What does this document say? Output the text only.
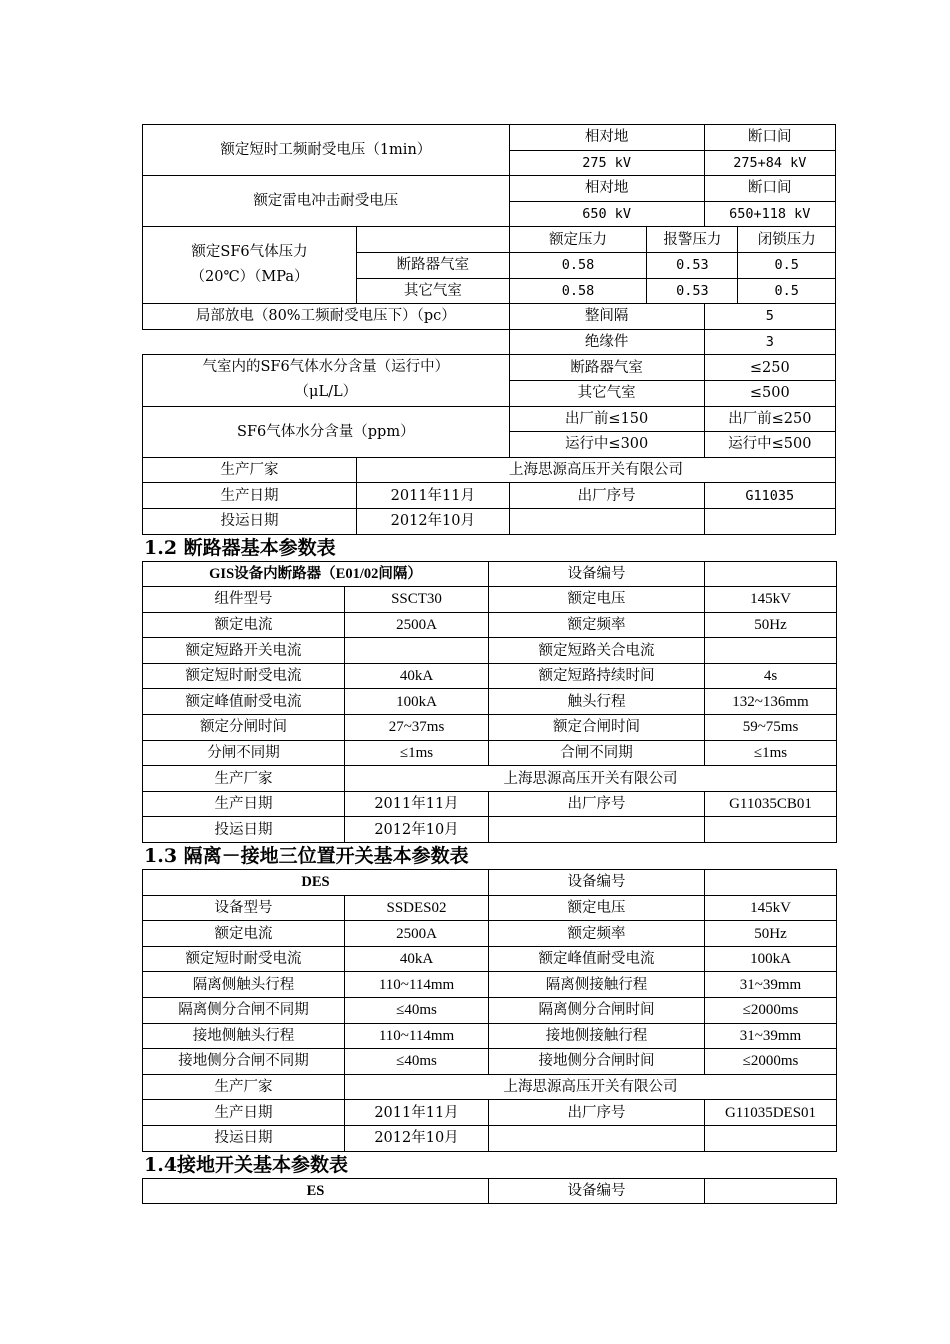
额定短时工频耐受电压（1min）		相对地		断口间	
		275 kV		275+84 kV	
额定雷电冲击耐受电压		相对地		断口间	
		650 kV		650+118 kV	

额定SF6气体压力
（20℃）（MPa）		额定压力	报警压力		闭锁压力
	断路器气室	0.58	0.53		0.5
	其它气室	0.58	0.53		0.5
局部放电（80%工频耐受电压下）（pc）		整间隔		5	
		绝缘件		3	

气室内的SF6气体水分含量（运行中）
（μL/L）		断路器气室		≤250	
		其它气室		≤500	
SF6气体水分含量（ppm）		出厂前≤150		出厂前≤250	
		运行中≤300		运行中≤500	
生产厂家	上海思源高压开关有限公司				
生产日期	2011年11月	出厂序号		G11035	
投运日期	2012年10月				
1.2 断路器基本参数表
GIS设备内断路器（E01/02间隔）		设备编号	
组件型号	SSCT30	额定电压	145kV
额定电流	2500A	额定频率	50Hz
额定短路开关电流		额定短路关合电流	
额定短时耐受电流	40kA	额定短路持续时间	4s
额定峰值耐受电流	100kA	触头行程	132~136mm
额定分闸时间	27~37ms	额定合闸时间	59~75ms
分闸不同期	≤1ms	合闸不同期	≤1ms
生产厂家	上海思源高压开关有限公司		
生产日期	2011年11月	出厂序号	G11035CB01
投运日期	2012年10月		
1.3 隔离－接地三位置开关基本参数表
DES		设备编号	
设备型号	SSDES02	额定电压	145kV
额定电流	2500A	额定频率	50Hz
额定短时耐受电流	40kA	额定峰值耐受电流	100kA
隔离侧触头行程	110~114mm	隔离侧接触行程	31~39mm
隔离侧分合闸不同期	≤40ms	隔离侧分合闸时间	≤2000ms
接地侧触头行程	110~114mm	接地侧接触行程	31~39mm
接地侧分合闸不同期	≤40ms	接地侧分合闸时间	≤2000ms
生产厂家	上海思源高压开关有限公司		
生产日期	2011年11月	出厂序号	G11035DES01
投运日期	2012年10月		
1.4接地开关基本参数表
ES	设备编号	
